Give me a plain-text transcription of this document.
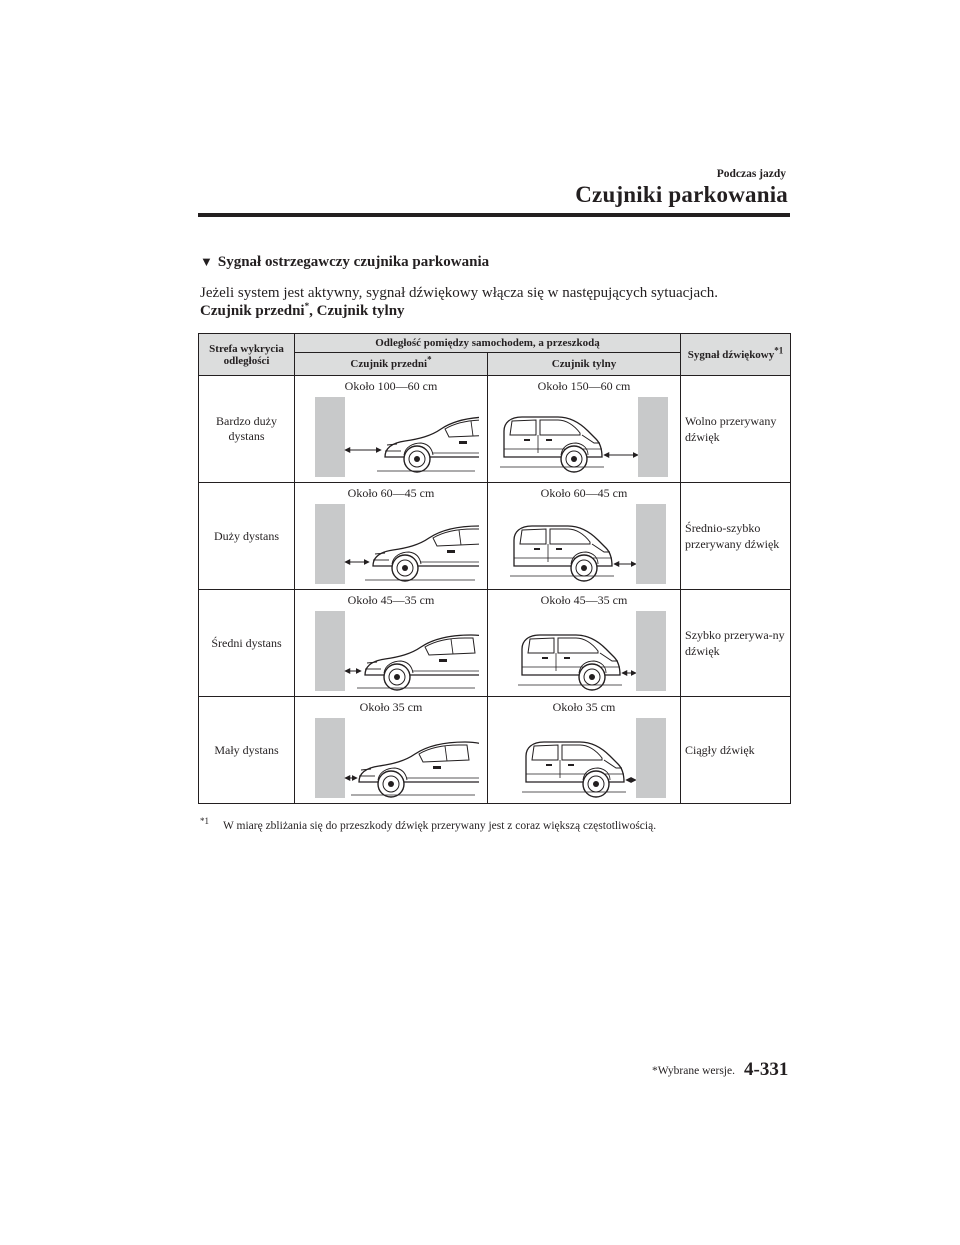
Podczas jazdy
Czujniki parkowania
▼ Sygnał ostrzegawczy czujnika parkowania
Jeżeli system jest aktywny, sygnał dźwiękowy włącza się w następujących sytuacjach.
Czujnik przedni*, Czujnik tylny
Strefa wykrycia odległości	Odległość pomiędzy samochodem, a przeszkodą		Sygnał dźwiękowy$^{*1}$
	Czujnik przedni*	Czujnik tylny	
Bardzo duży dystans	Około 100—60 cm	Około 150—60 cm	Wolno przerywany dźwięk
Duży dystans	Około 60—45 cm	Około 60—45 cm	Średnio-szybko przerywany dźwięk
Średni dystans	Około 45—35 cm	Około 45—35 cm	Szybko przerywa-ny dźwięk
Mały dystans	Około 35 cm	Około 35 cm	Ciągły dźwięk
$^{*1}$ W miarę zbliżania się do przeszkody dźwięk przerywany jest z coraz większą częstotliwością.
*Wybrane wersje. 4-331
